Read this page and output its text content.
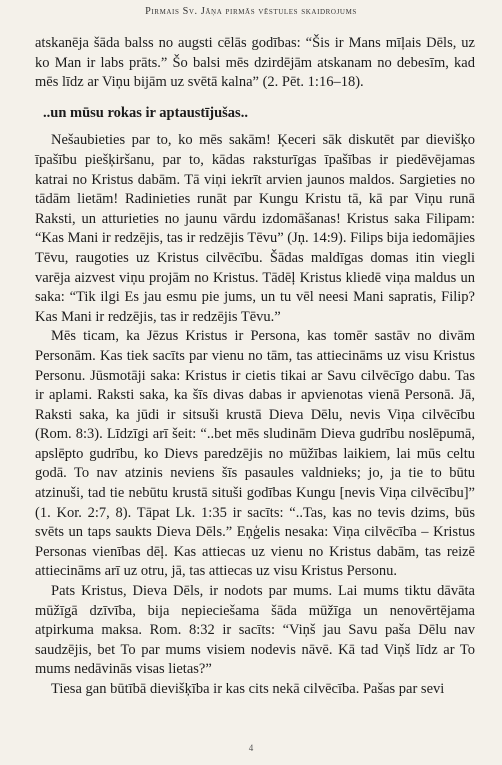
Pirmais Sv. Jāņa pirmās vēstules skaidrojums

atskanēja šāda balss no augsti cēlās godības: “Šis ir Mans mīļais Dēls, uz ko Man ir labs prāts.” Šo balsi mēs dzirdējām atskanam no debesīm, kad mēs līdz ar Viņu bijām uz svētā kalna” (2. Pēt. 1:16–18).

..un mūsu rokas ir aptaustījušas..

Nešaubieties par to, ko mēs sakām! Ķeceri sāk diskutēt par dievišķo īpašību piešķiršanu, par to, kādas raksturīgas īpašības ir piedēvējamas katrai no Kristus dabām. Tā viņi iekrīt arvien jaunos maldos. Sargieties no tādām lietām! Radinieties runāt par Kungu Kristu tā, kā par Viņu runā Raksti, un atturieties no jaunu vārdu izdomāšanas! Kristus saka Filipam: “Kas Mani ir redzējis, tas ir redzējis Tēvu” (Jņ. 14:9). Filips bija iedomājies Tēvu, raugoties uz Kristus cilvēcību. Šādas maldīgas domas itin viegli varēja aizvest viņu projām no Kristus. Tādēļ Kristus kliedē viņa maldus un saka: “Tik ilgi Es jau esmu pie jums, un tu vēl neesi Mani sapratis, Filip? Kas Mani ir redzējis, tas ir redzējis Tēvu.”

Mēs ticam, ka Jēzus Kristus ir Persona, kas tomēr sastāv no divām Personām. Kas tiek sacīts par vienu no tām, tas attiecināms uz visu Kristus Personu. Jūsmotāji saka: Kristus ir cietis tikai ar Savu cilvēcīgo dabu. Tas ir aplami. Raksti saka, ka šīs divas dabas ir apvienotas vienā Personā. Jā, Raksti saka, ka jūdi ir sitsuši krustā Dieva Dēlu, nevis Viņa cilvēcību (Rom. 8:3). Līdzīgi arī šeit: “..bet mēs sludinām Dieva gudrību noslēpumā, apslēpto gudrību, ko Dievs paredzējis no mūžības laikiem, lai mūs celtu godā. To nav atzinis neviens šīs pasaules valdnieks; jo, ja tie to būtu atzinuši, tad tie nebūtu krustā situši godības Kungu [nevis Viņa cilvēcību]” (1. Kor. 2:7, 8). Tāpat Lk. 1:35 ir sacīts: “..Tas, kas no tevis dzims, būs svēts un taps saukts Dieva Dēls.” Eņģelis nesaka: Viņa cilvēcība – Kristus Personas vienības dēļ. Kas attiecas uz vienu no Kristus dabām, tas reizē attiecināms arī uz otru, jā, tas attiecas uz visu Kristus Personu.

Pats Kristus, Dieva Dēls, ir nodots par mums. Lai mums tiktu dāvāta mūžīgā dzīvība, bija nepieciešama šāda mūžīga un nenovērtējama atpirkuma maksa. Rom. 8:32 ir sacīts: “Viņš jau Savu paša Dēlu nav saudzējis, bet To par mums visiem nodevis nāvē. Kā tad Viņš līdz ar To mums nedāvinās visas lietas?”

Tiesa gan būtībā dievišķība ir kas cits nekā cilvēcība. Pašas par sevi

4
